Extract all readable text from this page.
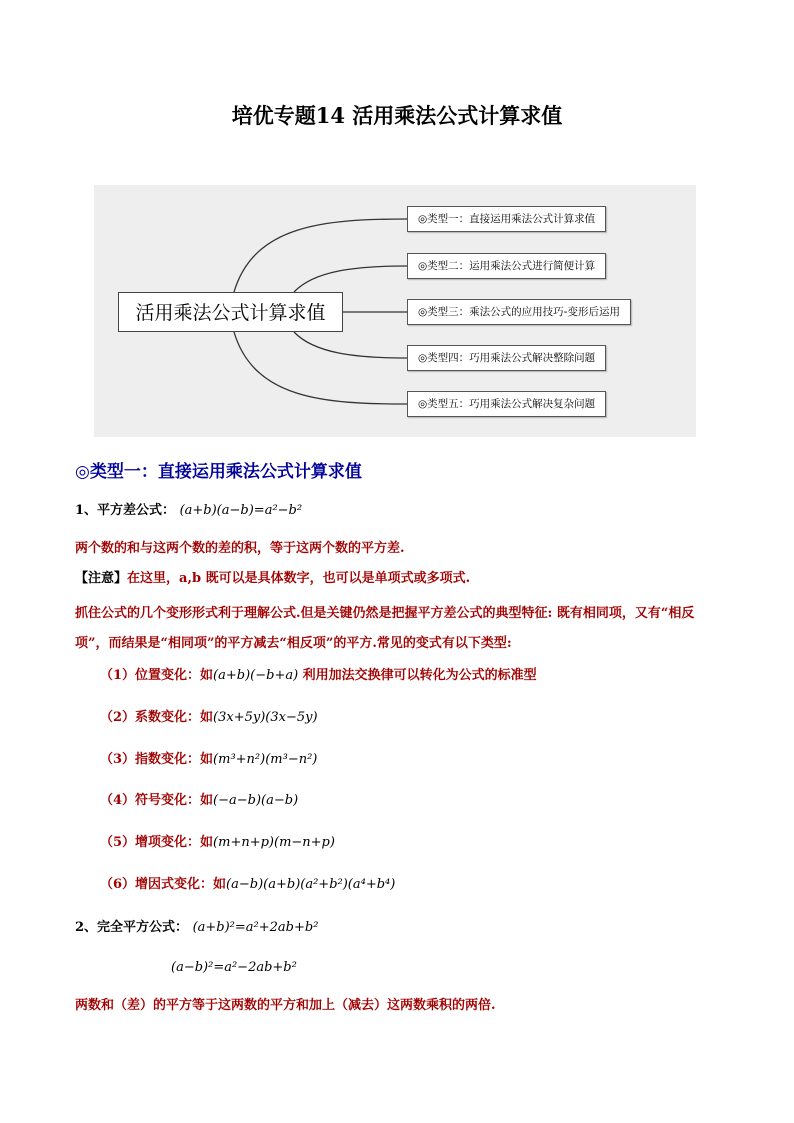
培优专题14 活用乘法公式计算求值
活用乘法公式计算求值
◎类型一：直接运用乘法公式计算求值
◎类型二：运用乘法公式进行简便计算
◎类型三：乘法公式的应用技巧-变形后运用
◎类型四：巧用乘法公式解决整除问题
◎类型五：巧用乘法公式解决复杂问题
◎类型一：直接运用乘法公式计算求值
1、平方差公式： (a+b)(a−b)=a²−b²
两个数的和与这两个数的差的积，等于这两个数的平方差.
【注意】在这里，a,b 既可以是具体数字，也可以是单项式或多项式.
抓住公式的几个变形形式利于理解公式.但是关键仍然是把握平方差公式的典型特征: 既有相同项，又有“相反项”，而结果是“相同项”的平方减去“相反项”的平方.常见的变式有以下类型:
（1）位置变化：如(a+b)(−b+a) 利用加法交换律可以转化为公式的标准型
（2）系数变化：如(3x+5y)(3x−5y)
（3）指数变化：如(m³+n²)(m³−n²)
（4）符号变化：如(−a−b)(a−b)
（5）增项变化：如(m+n+p)(m−n+p)
（6）增因式变化：如(a−b)(a+b)(a²+b²)(a⁴+b⁴)
2、完全平方公式： (a+b)²=a²+2ab+b²
(a−b)²=a²−2ab+b²
两数和（差）的平方等于这两数的平方和加上（减去）这两数乘积的两倍.
